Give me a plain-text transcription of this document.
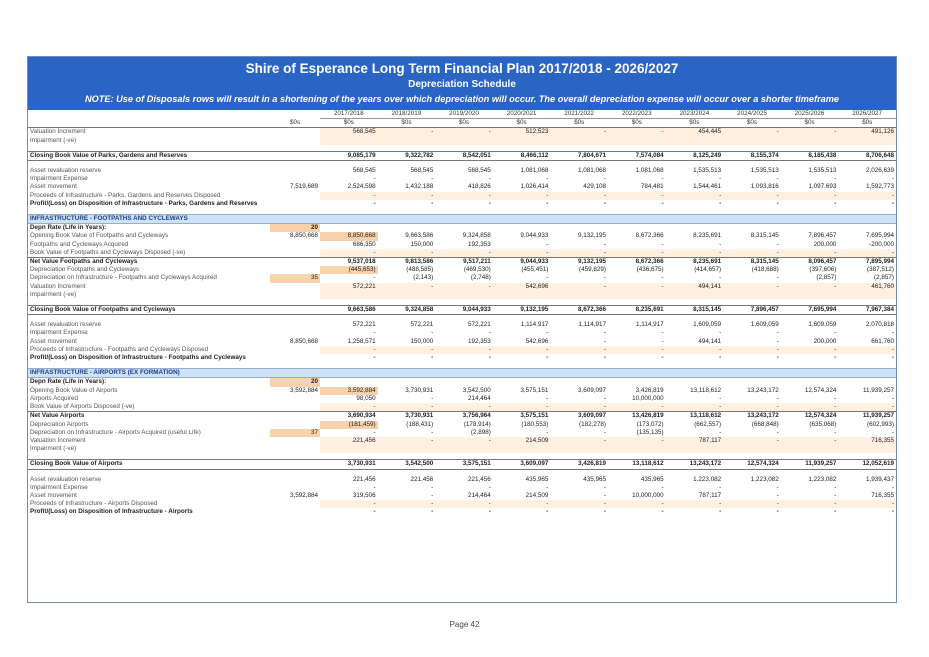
Shire of Esperance Long Term Financial Plan 2017/2018 - 2026/2027
Depreciation Schedule
NOTE: Use of Disposals rows will result in a shortening of the years over which depreciation will occur. The overall depreciation expense will occur over a shorter timeframe
		2017/2018	2018/2019	2019/2020	2020/2021	2021/2022	2022/2023	2023/2024	2024/2025	2025/2026	2026/2027
	$0s	$0s	$0s	$0s	$0s	$0s	$0s	$0s	$0s	$0s	$0s
Valuation Increment		568,545	-	-	512,523	-	-	454,445	-	-	491,126
Impairment (-ve)											

Closing Book Value of Parks, Gardens and Reserves		9,085,179	9,322,782	8,542,051	8,466,112	7,804,671	7,574,084	8,125,249	8,155,374	8,185,438	8,706,648

Asset revaluation reserve		568,545	568,545	568,545	1,081,068	1,081,068	1,081,068	1,535,513	1,535,513	1,535,513	2,026,639
Impairment Expense		-	-	-	-	-	-	-	-	-	-
Asset movement	7,519,689	2,524,598	1,432,188	418,826	1,026,414	429,108	784,481	1,544,461	1,093,816	1,097,693	1,592,773
Proceeds of Infrastructure - Parks, Gardens and Reserves Disposed		-	-	-	-	-	-	-	-	-	-
Profit/(Loss) on Disposition of Infrastructure - Parks, Gardens and Reserves		-	-	-	-	-	-	-	-	-	-

INFRASTRUCTURE - FOOTPATHS AND CYCLEWAYS											
Depn Rate (Life in Years):	20										
Opening Book Value of Footpaths and Cycleways	8,850,668	8,850,668	9,663,586	9,324,858	9,044,933	9,132,195	8,672,366	8,235,691	8,315,145	7,896,457	7,695,994
Footpaths and Cycleways Acquired		686,350	150,000	192,353	-	-	-	-	-	200,000	-200,000
Book Value of Footpaths and Cycleways Disposed (-ve)		-	-	-	-	-	-	-	-	-	-
Net Value Footpaths and Cycleways		9,537,018	9,813,586	9,517,211	9,044,933	9,132,195	8,672,366	8,235,691	8,315,145	8,096,457	7,895,994
Depreciation Footpaths and Cycleways		(445,653)	(488,585)	(469,530)	(455,451)	(459,829)	(436,675)	(414,657)	(418,688)	(397,606)	(387,512)
Depreciation on Infrastructure - Footpaths and Cycleways Acquired	35	-	(2,143)	(2,748)	-	-	-	-	-	(2,857)	(2,857)
Valuation Increment		572,221	-	-	542,696	-	-	494,141	-	-	461,760
Impairment (-ve)											

Closing Book Value of Footpaths and Cycleways		9,663,586	9,324,858	9,044,933	9,132,195	8,672,366	8,235,691	8,315,145	7,896,457	7,695,994	7,967,384

Asset revaluation reserve		572,221	572,221	572,221	1,114,917	1,114,917	1,114,917	1,609,059	1,609,059	1,609,059	2,070,818
Impairment Expense		-	-	-	-	-	-	-	-	-	-
Asset movement	8,850,668	1,258,571	150,000	192,353	542,696	-	-	494,141	-	200,000	661,760
Proceeds of Infrastructure - Footpaths and Cycleways Disposed		-	-	-	-	-	-	-	-	-	-
Profit/(Loss) on Disposition of Infrastructure - Footpaths and Cycleways		-	-	-	-	-	-	-	-	-	-

INFRASTRUCTURE - AIRPORTS (EX FORMATION)											
Depn Rate (Life in Years):	20										
Opening Book Value of Airports	3,592,884	3,592,884	3,730,931	3,542,500	3,575,151	3,609,097	3,426,819	13,118,612	13,243,172	12,574,324	11,939,257
Airports Acquired		98,050	-	214,464	-	-	10,000,000	-	-	-	-
Book Value of Airports Disposed (-ve)		-	-	-	-	-	-	-	-	-	-
Net Value Airports		3,690,934	3,730,931	3,756,964	3,575,151	3,609,097	13,426,819	13,118,612	13,243,172	12,574,324	11,939,257
Depreciation Airports		(181,459)	(188,431)	(178,914)	(180,553)	(182,278)	(173,072)	(662,557)	(668,848)	(635,068)	(602,993)
Depreciation on Infrastructure - Airports Acquired (useful Life)	37	-	-	(2,898)	-	-	(135,135)	-	-	-	-
Valuation Increment		221,456	-	-	214,509	-	-	787,117	-	-	716,355
Impairment (-ve)											

Closing Book Value of Airports		3,730,931	3,542,500	3,575,151	3,609,097	3,426,819	13,118,612	13,243,172	12,574,324	11,939,257	12,052,619

Asset revaluation reserve		221,456	221,456	221,456	435,965	435,965	435,965	1,223,082	1,223,082	1,223,082	1,939,437
Impairment Expense		-	-	-	-	-	-	-	-	-	-
Asset movement	3,592,884	319,506	-	214,464	214,509	-	10,000,000	787,117	-	-	716,355
Proceeds of Infrastructure - Airports Disposed		-	-	-	-	-	-	-	-	-	-
Profit/(Loss) on Disposition of Infrastructure - Airports		-	-	-	-	-	-	-	-	-	-
Page 42
